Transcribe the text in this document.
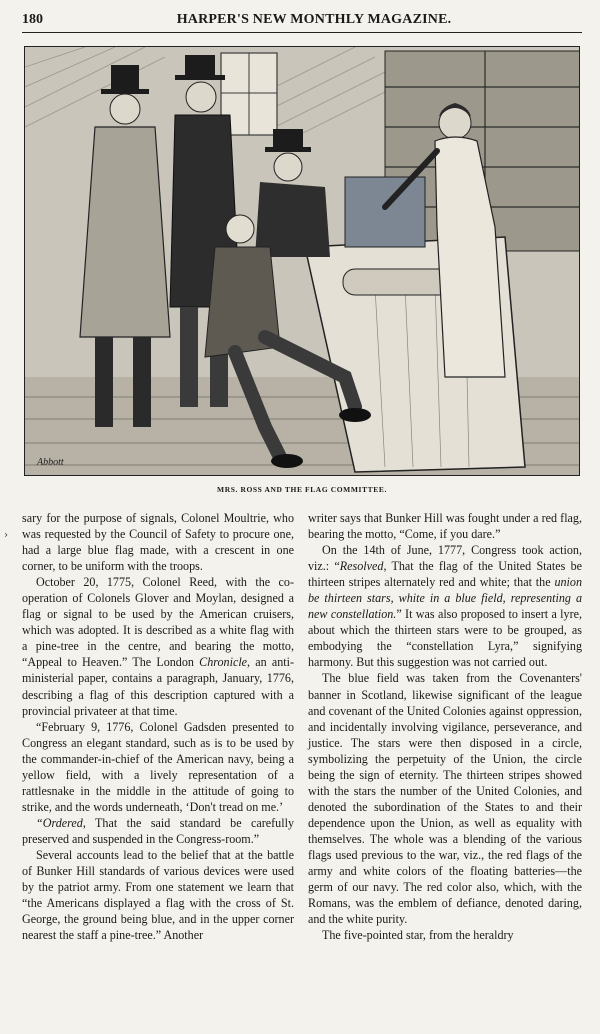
180	HARPER'S NEW MONTHLY MAGAZINE.
Abbott
MRS. ROSS AND THE FLAG COMMITTEE.
›

sary for the purpose of signals, Colonel Moultrie, who was requested by the Council of Safety to procure one, had a large blue flag made, with a crescent in one corner, to be uniform with the troops.

October 20, 1775, Colonel Reed, with the co-operation of Colonels Glover and Moylan, designed a flag or signal to be used by the American cruisers, which was adopted. It is described as a white flag with a pine-tree in the centre, and bearing the motto, “Appeal to Heaven.” The London Chronicle, an anti-ministerial paper, contains a paragraph, January, 1776, describing a flag of this description captured with a provincial privateer at that time.

“February 9, 1776, Colonel Gadsden presented to Congress an elegant standard, such as is to be used by the commander-in-chief of the American navy, being a yellow field, with a lively representation of a rattlesnake in the middle in the attitude of going to strike, and the words underneath, ‘Don't tread on me.’

“Ordered, That the said standard be carefully preserved and suspended in the Congress-room.”

Several accounts lead to the belief that at the battle of Bunker Hill standards of various devices were used by the patriot army. From one statement we learn that “the Americans displayed a flag with the cross of St. George, the ground being blue, and in the upper corner nearest the staff a pine-tree.” Another

writer says that Bunker Hill was fought under a red flag, bearing the motto, “Come, if you dare.”

On the 14th of June, 1777, Congress took action, viz.: “Resolved, That the flag of the United States be thirteen stripes alternately red and white; that the union be thirteen stars, white in a blue field, representing a new constellation.” It was also proposed to insert a lyre, about which the thirteen stars were to be grouped, as embodying the “constellation Lyra,” signifying harmony. But this suggestion was not carried out.

The blue field was taken from the Covenanters' banner in Scotland, likewise significant of the league and covenant of the United Colonies against oppression, and incidentally involving vigilance, perseverance, and justice. The stars were then disposed in a circle, symbolizing the perpetuity of the Union, the circle being the sign of eternity. The thirteen stripes showed with the stars the number of the United Colonies, and denoted the subordination of the States to and their dependence upon the Union, as well as equality with themselves. The whole was a blending of the various flags used previous to the war, viz., the red flags of the army and white colors of the floating batteries—the germ of our navy. The red color also, which, with the Romans, was the emblem of defiance, denoted daring, and the white purity.

The five-pointed star, from the heraldry
